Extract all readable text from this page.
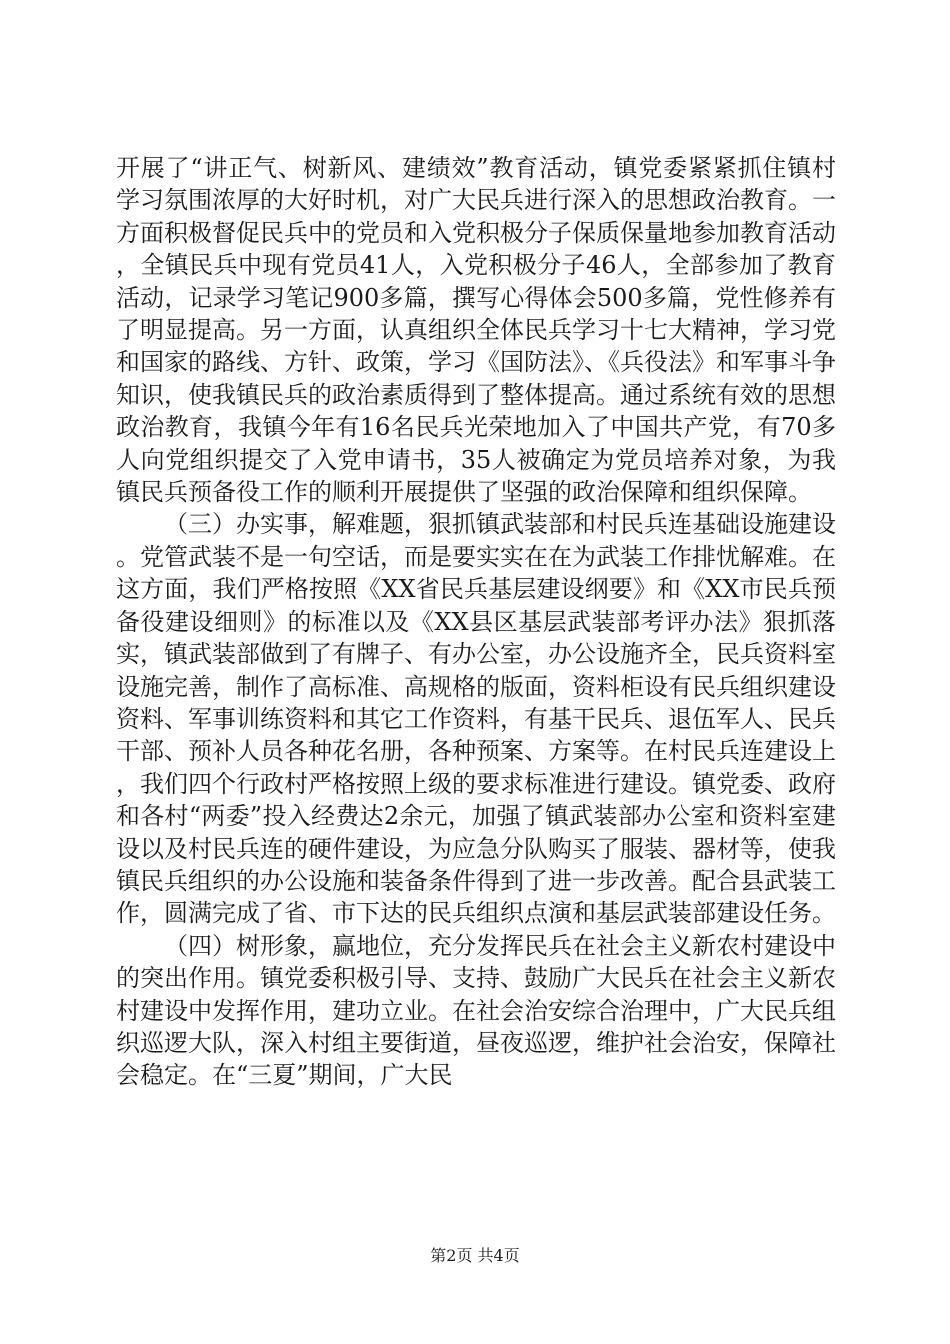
开展了“讲正气、树新风、建绩效”教育活动，镇党委紧紧抓住镇村学习氛围浓厚的大好时机，对广大民兵进行深入的思想政治教育。一方面积极督促民兵中的党员和入党积极分子保质保量地参加教育活动，全镇民兵中现有党员41人，入党积极分子46人，全部参加了教育活动，记录学习笔记900多篇，撰写心得体会500多篇，党性修养有了明显提高。另一方面，认真组织全体民兵学习十七大精神，学习党和国家的路线、方针、政策，学习《国防法》、《兵役法》和军事斗争知识，使我镇民兵的政治素质得到了整体提高。通过系统有效的思想政治教育，我镇今年有16名民兵光荣地加入了中国共产党，有70多人向党组织提交了入党申请书，35人被确定为党员培养对象，为我镇民兵预备役工作的顺利开展提供了坚强的政治保障和组织保障。

（三）办实事，解难题，狠抓镇武装部和村民兵连基础设施建设。党管武装不是一句空话，而是要实实在在为武装工作排忧解难。在这方面，我们严格按照《XX省民兵基层建设纲要》和《XX市民兵预备役建设细则》的标准以及《XX县区基层武装部考评办法》狠抓落实，镇武装部做到了有牌子、有办公室，办公设施齐全，民兵资料室设施完善，制作了高标准、高规格的版面，资料柜设有民兵组织建设资料、军事训练资料和其它工作资料，有基干民兵、退伍军人、民兵干部、预补人员各种花名册，各种预案、方案等。在村民兵连建设上，我们四个行政村严格按照上级的要求标准进行建设。镇党委、政府和各村“两委”投入经费达2余元，加强了镇武装部办公室和资料室建设以及村民兵连的硬件建设，为应急分队购买了服装、器材等，使我镇民兵组织的办公设施和装备条件得到了进一步改善。配合县武装工作，圆满完成了省、市下达的民兵组织点演和基层武装部建设任务。

（四）树形象，赢地位，充分发挥民兵在社会主义新农村建设中的突出作用。镇党委积极引导、支持、鼓励广大民兵在社会主义新农村建设中发挥作用，建功立业。在社会治安综合治理中，广大民兵组织巡逻大队，深入村组主要街道，昼夜巡逻，维护社会治安，保障社会稳定。在“三夏”期间，广大民

第2页 共4页
